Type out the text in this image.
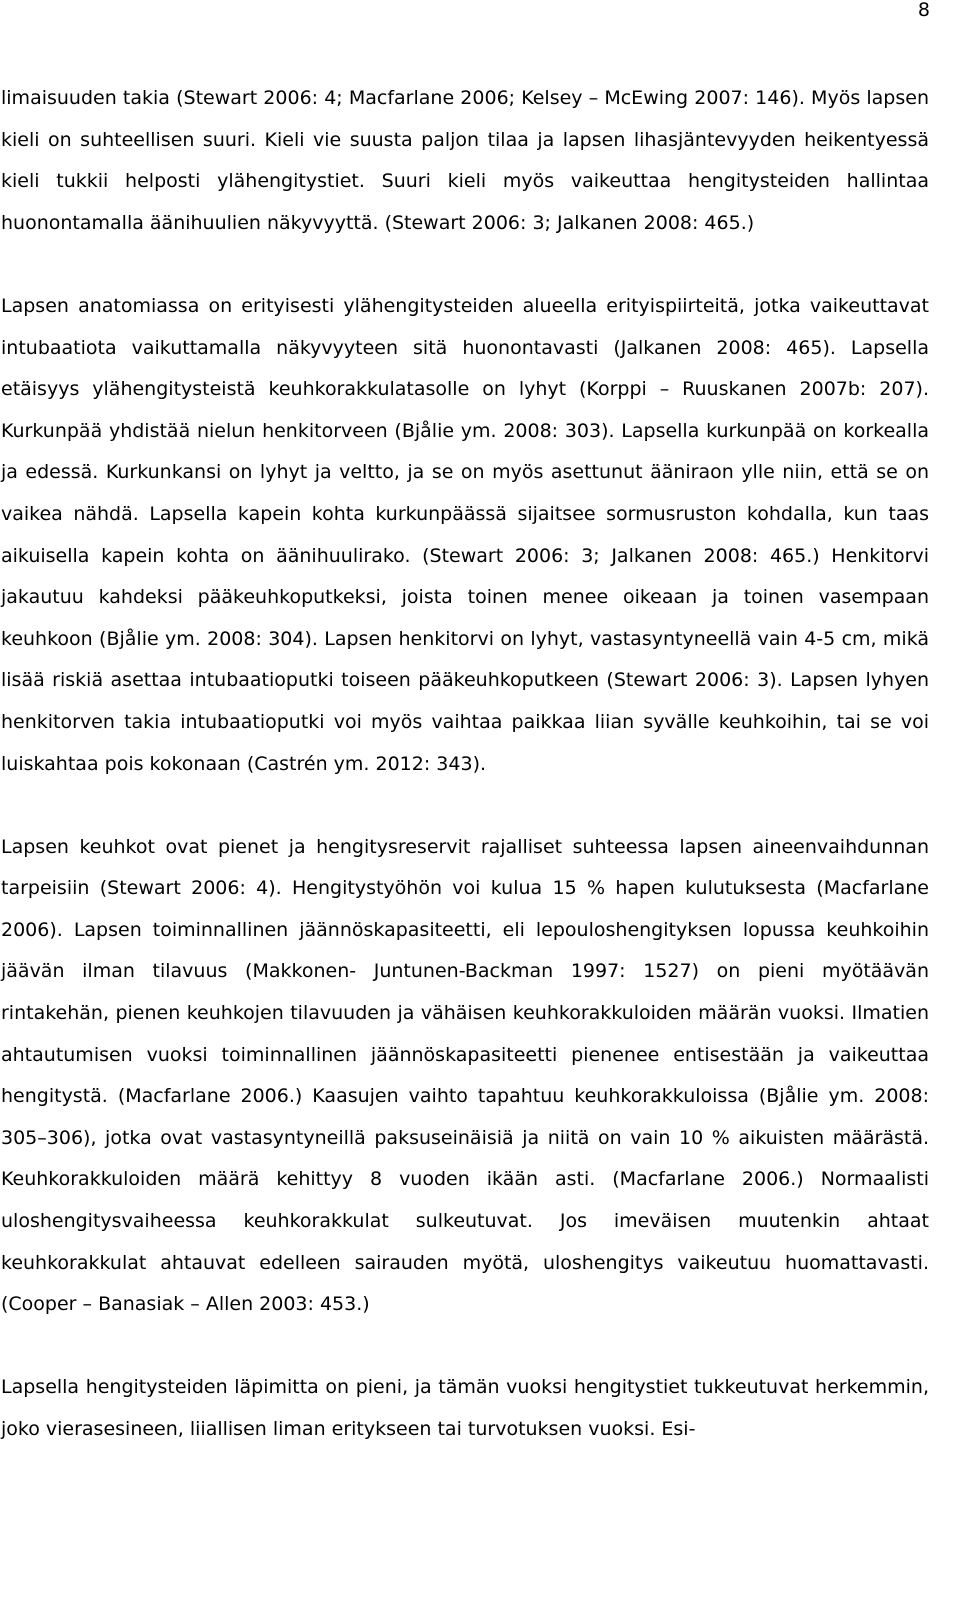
8

limaisuuden takia (Stewart 2006: 4; Macfarlane 2006; Kelsey – McEwing 2007: 146). Myös lapsen kieli on suhteellisen suuri. Kieli vie suusta paljon tilaa ja lapsen lihasjäntevyyden heikentyessä kieli tukkii helposti ylähengitystiet. Suuri kieli myös vaikeuttaa hengitysteiden hallintaa huonontamalla äänihuulien näkyvyyttä. (Stewart 2006: 3; Jalkanen 2008: 465.)

Lapsen anatomiassa on erityisesti ylähengitysteiden alueella erityispiirteitä, jotka vaikeuttavat intubaatiota vaikuttamalla näkyvyyteen sitä huonontavasti (Jalkanen 2008: 465). Lapsella etäisyys ylähengitysteistä keuhkorakkulatasolle on lyhyt (Korppi – Ruuskanen 2007b: 207). Kurkunpää yhdistää nielun henkitorveen (Bjålie ym. 2008: 303). Lapsella kurkunpää on korkealla ja edessä. Kurkunkansi on lyhyt ja veltto, ja se on myös asettunut ääniraon ylle niin, että se on vaikea nähdä. Lapsella kapein kohta kurkunpäässä sijaitsee sormusruston kohdalla, kun taas aikuisella kapein kohta on äänihuulirako. (Stewart 2006: 3; Jalkanen 2008: 465.) Henkitorvi jakautuu kahdeksi pääkeuhkoputkeksi, joista toinen menee oikeaan ja toinen vasempaan keuhkoon (Bjålie ym. 2008: 304). Lapsen henkitorvi on lyhyt, vastasyntyneellä vain 4-5 cm, mikä lisää riskiä asettaa intubaatioputki toiseen pääkeuhkoputkeen (Stewart 2006: 3). Lapsen lyhyen henkitorven takia intubaatioputki voi myös vaihtaa paikkaa liian syvälle keuhkoihin, tai se voi luiskahtaa pois kokonaan (Castrén ym. 2012: 343).

Lapsen keuhkot ovat pienet ja hengitysreservit rajalliset suhteessa lapsen aineenvaihdunnan tarpeisiin (Stewart 2006: 4). Hengitystyöhön voi kulua 15 % hapen kulutuksesta (Macfarlane 2006). Lapsen toiminnallinen jäännöskapasiteetti, eli lepouloshengityksen lopussa keuhkoihin jäävän ilman tilavuus (Makkonen- Juntunen-Backman 1997: 1527) on pieni myötäävän rintakehän, pienen keuhkojen tilavuuden ja vähäisen keuhkorakkuloiden määrän vuoksi. Ilmatien ahtautumisen vuoksi toiminnallinen jäännöskapasiteetti pienenee entisestään ja vaikeuttaa hengitystä. (Macfarlane 2006.) Kaasujen vaihto tapahtuu keuhkorakkuloissa (Bjålie ym. 2008: 305–306), jotka ovat vastasyntyneillä paksuseinäisiä ja niitä on vain 10 % aikuisten määrästä. Keuhkorakkuloiden määrä kehittyy 8 vuoden ikään asti. (Macfarlane 2006.) Normaalisti uloshengitysvaiheessa keuhkorakkulat sulkeutuvat. Jos imeväisen muutenkin ahtaat keuhkorakkulat ahtauvat edelleen sairauden myötä, uloshengitys vaikeutuu huomattavasti. (Cooper – Banasiak – Allen 2003: 453.)

Lapsella hengitysteiden läpimitta on pieni, ja tämän vuoksi hengitystiet tukkeutuvat herkemmin, joko vierasesineen, liiallisen liman eritykseen tai turvotuksen vuoksi. Esi-
